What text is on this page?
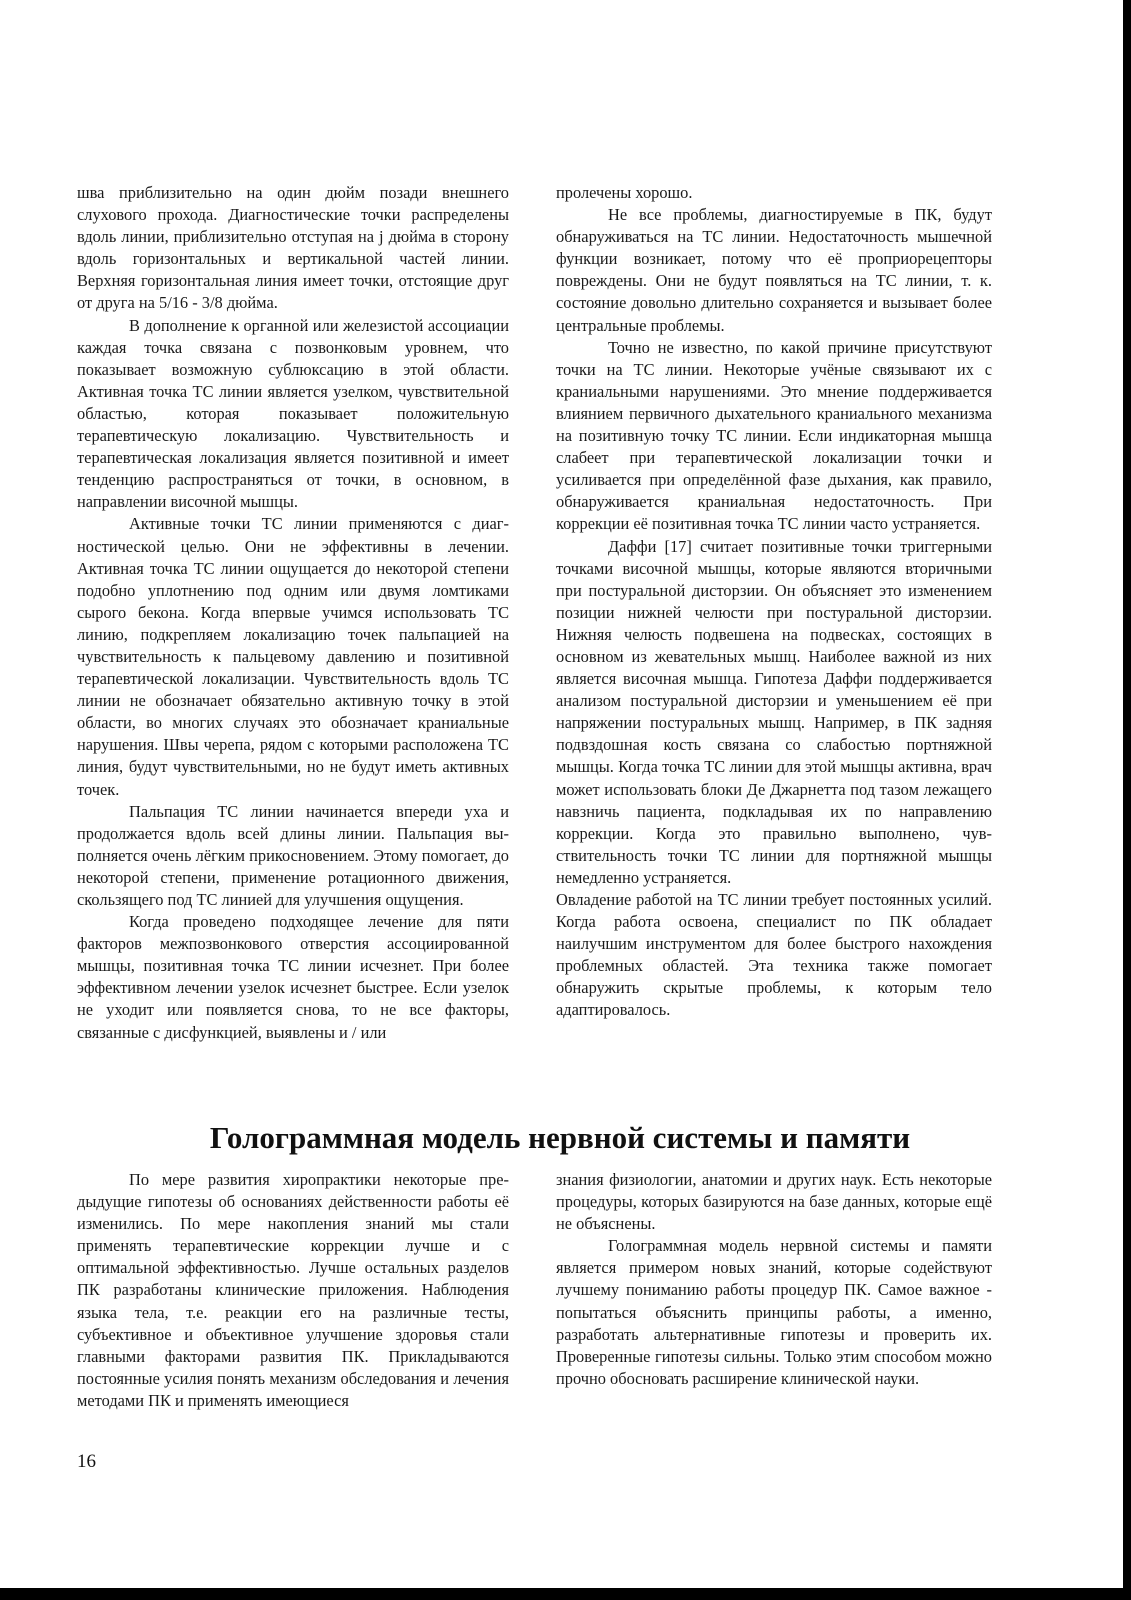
шва приблизительно на один дюйм позади внешнего слухового прохода. Диагностические точки распределены вдоль линии, приблизительно отступая на j дюйма в сторону вдоль горизонтальных и вертикальной частей линии. Верхняя горизонтальная линия имеет точки, отстоящие друг от друга на 5/16 - 3/8 дюйма.

В дополнение к органной или железистой ассоциации каждая точка связана с позвонковым уровнем, что показывает возможную сублюксацию в этой области. Активная точка ТС линии является узелком, чувствительной областью, которая показывает положительную терапевтическую локализацию. Чувствительность и терапевтическая локализация является позитивной и имеет тенденцию распространяться от точки, в основном, в направлении височной мышцы.

Активные точки ТС линии применяются с диагностической целью. Они не эффективны в лечении. Активная точка ТС линии ощущается до некоторой степени подобно уплотнению под одним или двумя ломтиками сырого бекона. Когда впервые учимся использовать ТС линию, подкрепляем локализацию точек пальпацией на чувствительность к пальцевому давлению и позитивной терапевтической локализации. Чувствительность вдоль ТС линии не обозначает обязательно активную точку в этой области, во многих случаях это обозначает краниальные нарушения. Швы черепа, рядом с которыми расположена ТС линия, будут чувствительными, но не будут иметь активных точек.

Пальпация ТС линии начинается впереди уха и продолжается вдоль всей длины линии. Пальпация выполняется очень лёгким прикосновением. Этому помогает, до некоторой степени, применение ротационного движения, скользящего под ТС линией для улучшения ощущения.

Когда проведено подходящее лечение для пяти факторов межпозвонкового отверстия ассоциированной мышцы, позитивная точка ТС линии исчезнет. При более эффективном лечении узелок исчезнет быстрее. Если узелок не уходит или появляется снова, то не все факторы, связанные с дисфункцией, выявлены и / или

пролечены хорошо.

Не все проблемы, диагностируемые в ПК, будут обнаруживаться на ТС линии. Недостаточность мышечной функции возникает, потому что её проприорецепторы повреждены. Они не будут появляться на ТС линии, т. к. состояние довольно длительно сохраняется и вызывает более центральные проблемы.

Точно не известно, по какой причине присутствуют точки на ТС линии. Некоторые учёные связывают их с краниальными нарушениями. Это мнение поддерживается влиянием первичного дыхательного краниального механизма на позитивную точку ТС линии. Если индикаторная мышца слабеет при терапевтической локализации точки и усиливается при определённой фазе дыхания, как правило, обнаруживается краниальная недостаточность. При коррекции её позитивная точка ТС линии часто устраняется.

Даффи [17] считает позитивные точки триггерными точками височной мышцы, которые являются вторичными при постуральной дисторзии. Он объясняет это изменением позиции нижней челюсти при постуральной дисторзии. Нижняя челюсть подвешена на подвесках, состоящих в основном из жевательных мышц. Наиболее важной из них является височная мышца. Гипотеза Даффи поддерживается анализом постуральной дисторзии и уменьшением её при напряжении постуральных мышц. Например, в ПК задняя подвздошная кость связана со слабостью портняжной мышцы. Когда точка ТС линии для этой мышцы активна, врач может использовать блоки Де Джарнетта под тазом лежащего навзничь пациента, подкладывая их по направлению коррекции. Когда это правильно выполнено, чувствительность точки ТС линии для портняжной мышцы немедленно устраняется.

Овладение работой на ТС линии требует постоянных усилий. Когда работа освоена, специалист по ПК обладает наилучшим инструментом для более быстрого нахождения проблемных областей. Эта техника также помогает обнаружить скрытые проблемы, к которым тело адаптировалось.

Голограммная модель нервной системы и памяти

По мере развития хиропрактики некоторые предыдущие гипотезы об основаниях действенности работы её изменились. По мере накопления знаний мы стали применять терапевтические коррекции лучше и с оптимальной эффективностью. Лучше остальных разделов ПК разработаны клинические приложения. Наблюдения языка тела, т.е. реакции его на различные тесты, субъективное и объективное улучшение здоровья стали главными факторами развития ПК. Прикладываются постоянные усилия понять механизм обследования и лечения методами ПК и применять имеющиеся

знания физиологии, анатомии и других наук. Есть некоторые процедуры, которых базируются на базе данных, которые ещё не объяснены.

Голограммная модель нервной системы и памяти является примером новых знаний, которые содействуют лучшему пониманию работы процедур ПК. Самое важное - попытаться объяснить принципы работы, а именно, разработать альтернативные гипотезы и проверить их. Проверенные гипотезы сильны. Только этим способом можно прочно обосновать расширение клинической науки.

16
